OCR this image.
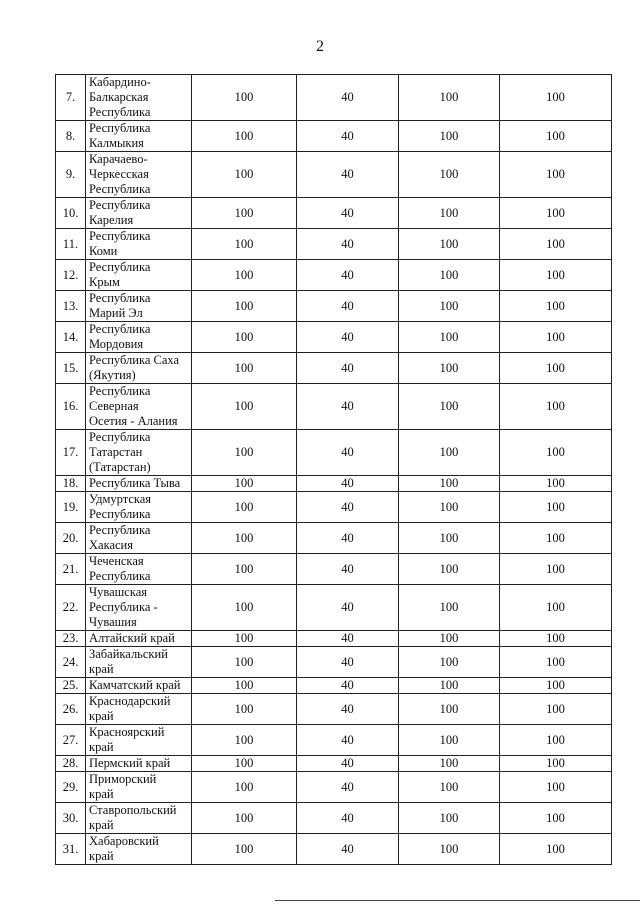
2
7.	Кабардино-
Балкарская
Республика	100	40	100	100
8.	Республика
Калмыкия	100	40	100	100
9.	Карачаево-
Черкесская
Республика	100	40	100	100
10.	Республика
Карелия	100	40	100	100
11.	Республика
Коми	100	40	100	100
12.	Республика
Крым	100	40	100	100
13.	Республика
Марий Эл	100	40	100	100
14.	Республика
Мордовия	100	40	100	100
15.	Республика Саха
(Якутия)	100	40	100	100
16.	Республика
Северная
Осетия - Алания	100	40	100	100
17.	Республика
Татарстан
(Татарстан)	100	40	100	100
18.	Республика Тыва	100	40	100	100
19.	Удмуртская
Республика	100	40	100	100
20.	Республика
Хакасия	100	40	100	100
21.	Чеченская
Республика	100	40	100	100
22.	Чувашская
Республика -
Чувашия	100	40	100	100
23.	Алтайский край	100	40	100	100
24.	Забайкальский
край	100	40	100	100
25.	Камчатский край	100	40	100	100
26.	Краснодарский
край	100	40	100	100
27.	Красноярский
край	100	40	100	100
28.	Пермский край	100	40	100	100
29.	Приморский
край	100	40	100	100
30.	Ставропольский
край	100	40	100	100
31.	Хабаровский
край	100	40	100	100
